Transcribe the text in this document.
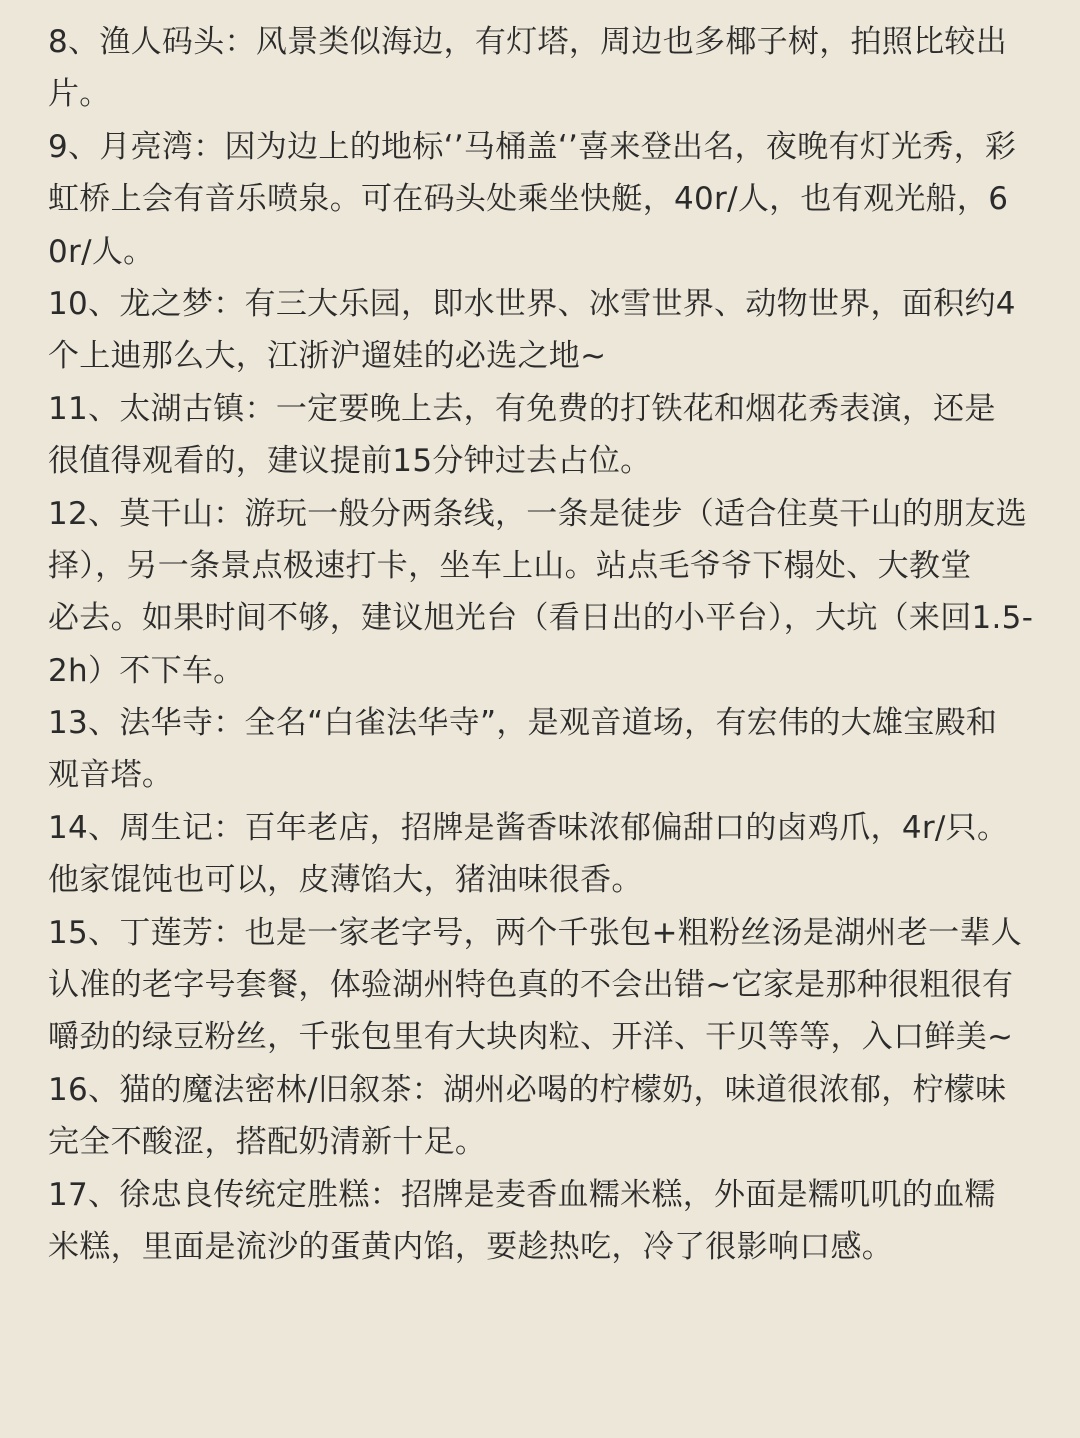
8、渔人码头：风景类似海边，有灯塔，周边也多椰子树，拍照比较出
片。
9、月亮湾：因为边上的地标‘’马桶盖‘’喜来登出名，夜晚有灯光秀，彩
虹桥上会有音乐喷泉。可在码头处乘坐快艇，40r/人，也有观光船，6
0r/人。
10、龙之梦：有三大乐园，即水世界、冰雪世界、动物世界，面积约4
个上迪那么大，江浙沪遛娃的必选之地~
11、太湖古镇：一定要晚上去，有免费的打铁花和烟花秀表演，还是
很值得观看的，建议提前15分钟过去占位。
12、莫干山：游玩一般分两条线，一条是徒步（适合住莫干山的朋友选
择），另一条景点极速打卡，坐车上山。站点毛爷爷下榻处、大教堂
必去。如果时间不够，建议旭光台（看日出的小平台），大坑（来回1.5-
2h）不下车。
13、法华寺：全名“白雀法华寺”，是观音道场，有宏伟的大雄宝殿和
观音塔。
14、周生记：百年老店，招牌是酱香味浓郁偏甜口的卤鸡爪，4r/只。
他家馄饨也可以，皮薄馅大，猪油味很香。
15、丁莲芳：也是一家老字号，两个千张包+粗粉丝汤是湖州老一辈人
认准的老字号套餐，体验湖州特色真的不会出错~它家是那种很粗很有
嚼劲的绿豆粉丝，千张包里有大块肉粒、开洋、干贝等等，入口鲜美~
16、猫的魔法密林/旧叙茶：湖州必喝的柠檬奶，味道很浓郁，柠檬味
完全不酸涩，搭配奶清新十足。
17、徐忠良传统定胜糕：招牌是麦香血糯米糕，外面是糯叽叽的血糯
米糕，里面是流沙的蛋黄内馅，要趁热吃，冷了很影响口感。
